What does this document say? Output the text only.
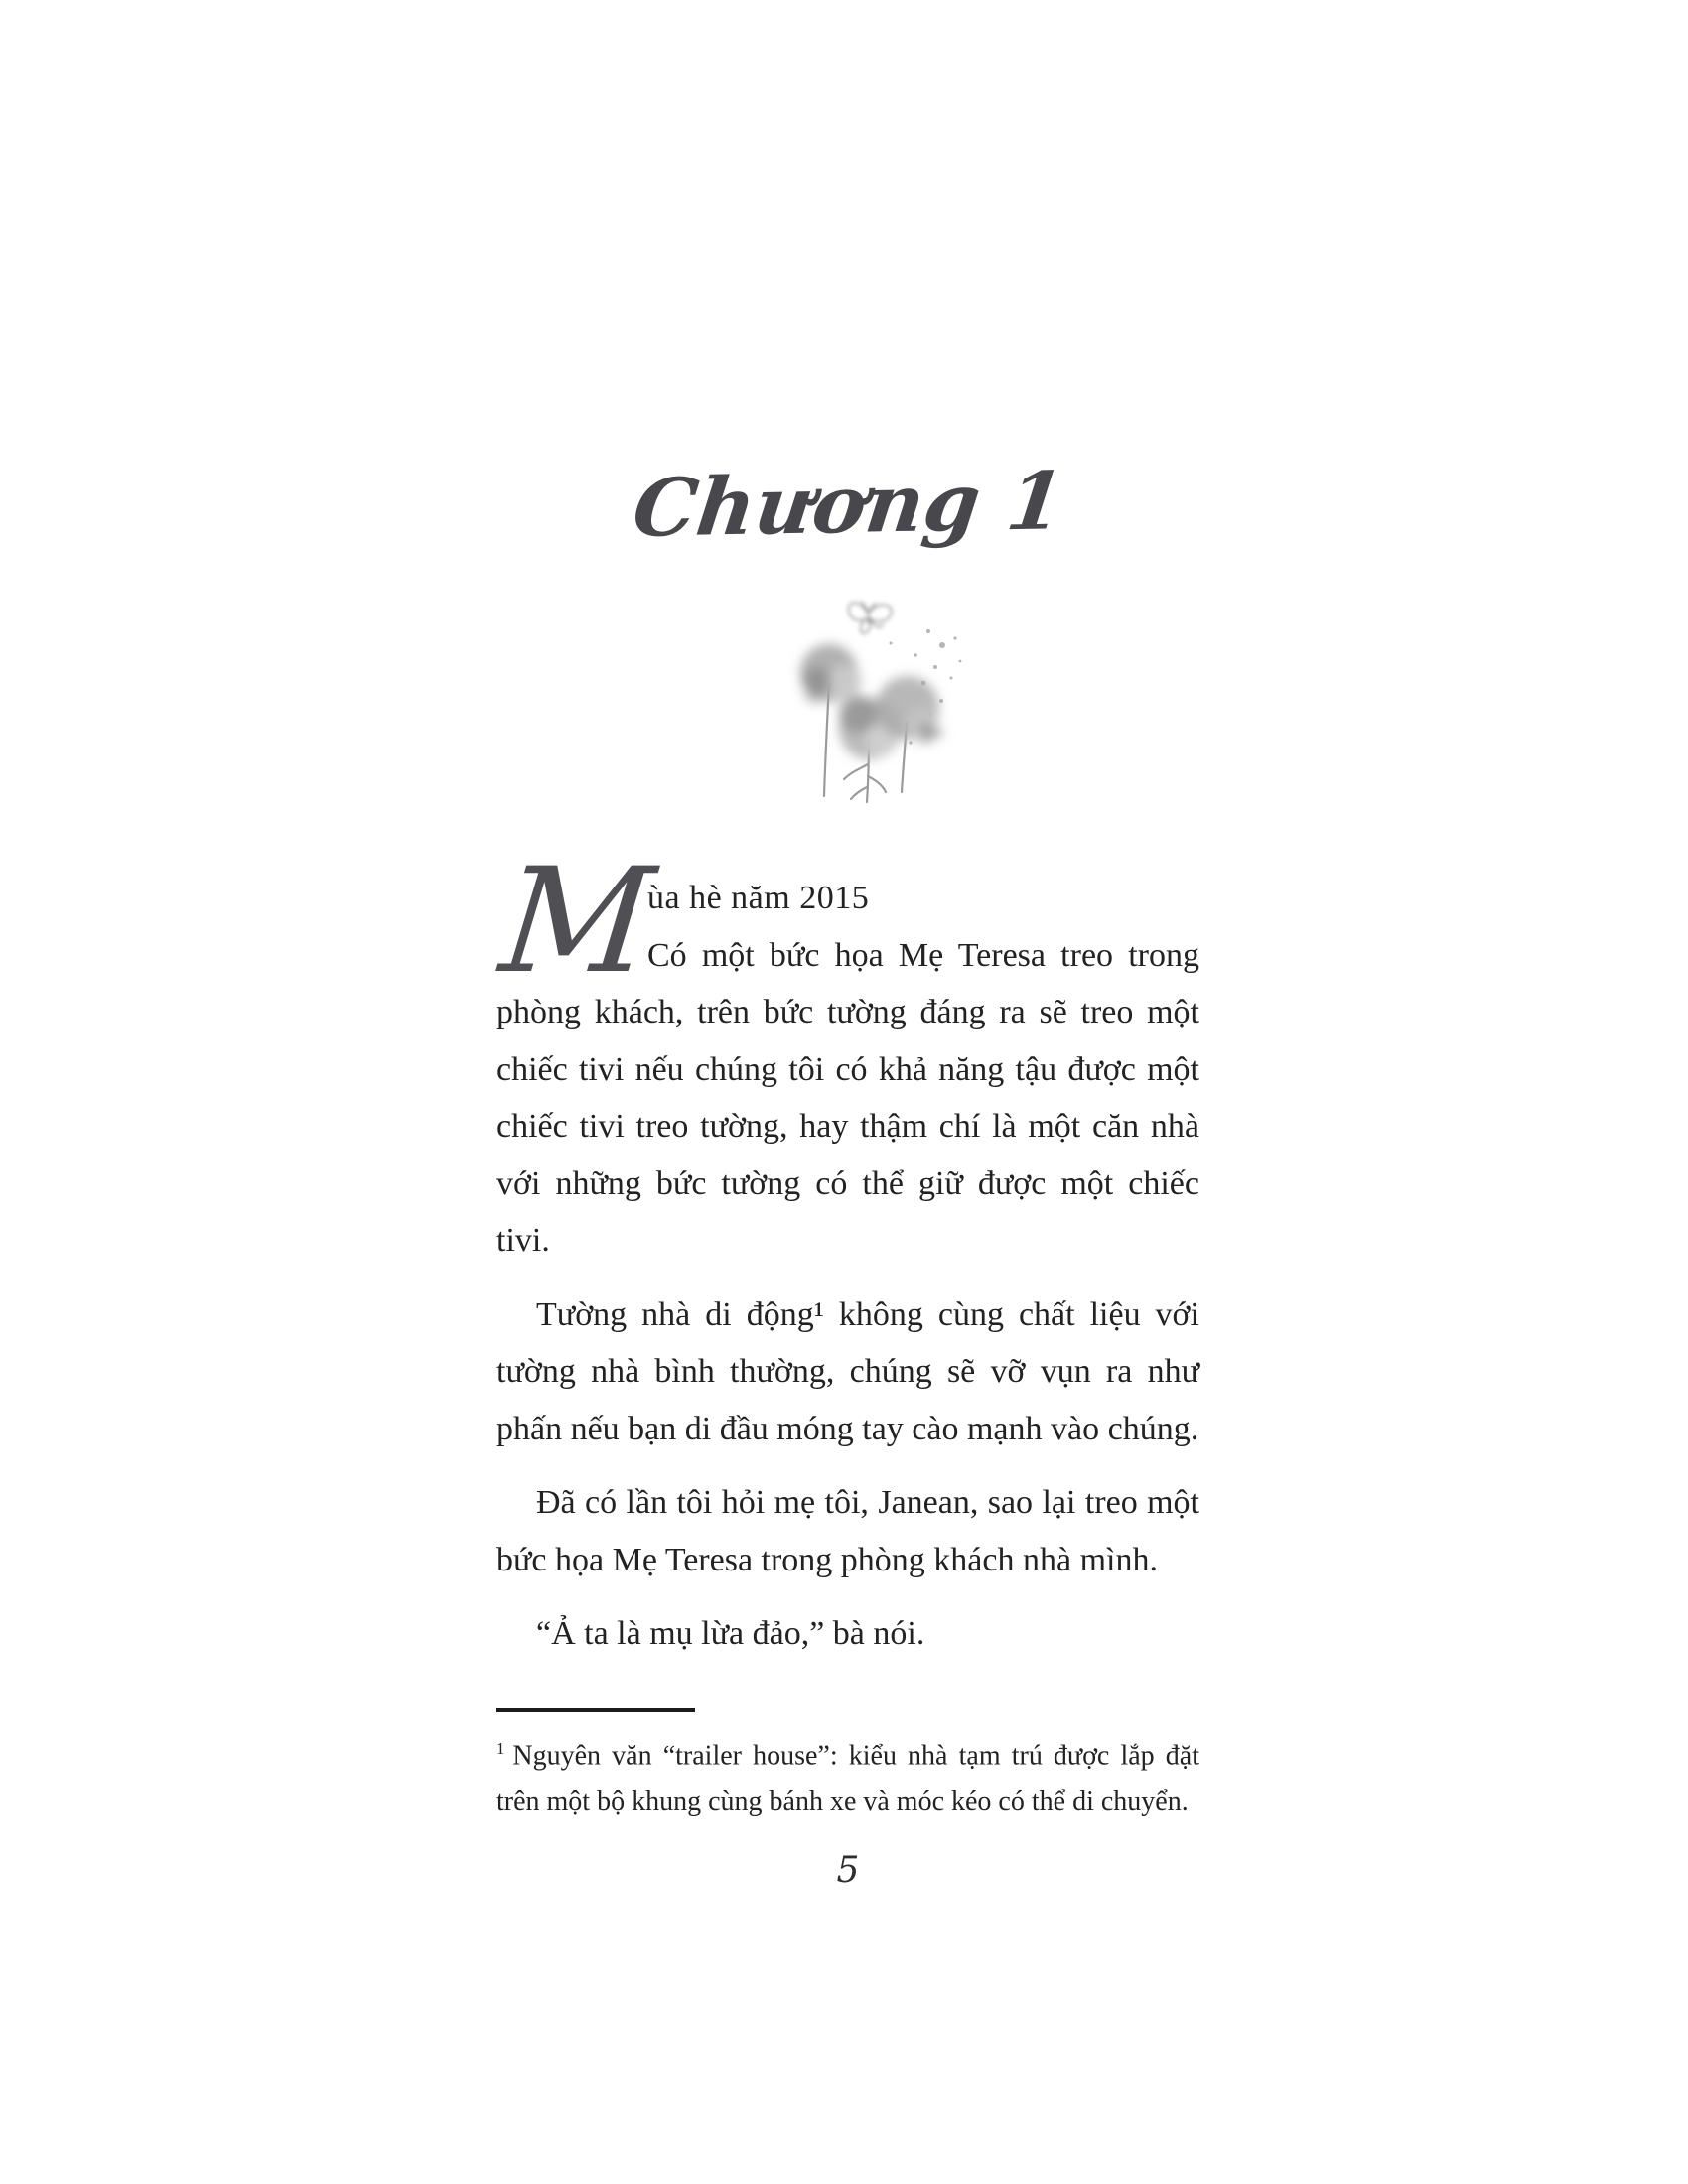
Chương 1

M
ùa hè năm 2015
Có một bức họa Mẹ Teresa treo trong phòng khách, trên bức tường đáng ra sẽ treo một chiếc tivi nếu chúng tôi có khả năng tậu được một chiếc tivi treo tường, hay thậm chí là một căn nhà với những bức tường có thể giữ được một chiếc tivi.

Tường nhà di động¹ không cùng chất liệu với tường nhà bình thường, chúng sẽ vỡ vụn ra như phấn nếu bạn di đầu móng tay cào mạnh vào chúng.

Đã có lần tôi hỏi mẹ tôi, Janean, sao lại treo một bức họa Mẹ Teresa trong phòng khách nhà mình.

“Ả ta là mụ lừa đảo,” bà nói.

$^1$ Nguyên văn “trailer house”: kiểu nhà tạm trú được lắp đặt trên một bộ khung cùng bánh xe và móc kéo có thể di chuyển.

5
